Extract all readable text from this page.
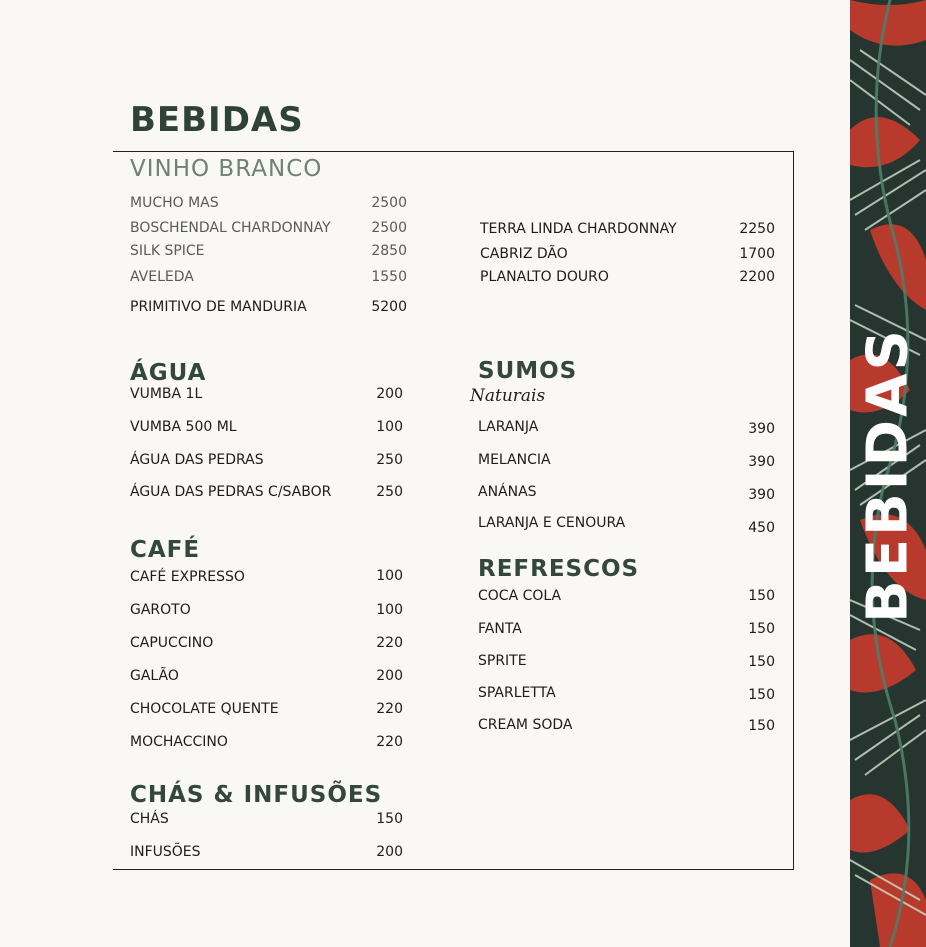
BEBIDAS
VINHO BRANCO
MUCHO MAS	2500
BOSCHENDAL CHARDONNAY	2500
SILK SPICE	2850
AVELEDA	1550
PRIMITIVO DE MANDURIA	5200
TERRA LINDA CHARDONNAY	2250
CABRIZ DÃO	1700
PLANALTO DOURO	2200
ÁGUA
VUMBA 1L	200
VUMBA 500 ML	100
ÁGUA DAS PEDRAS	250
ÁGUA DAS PEDRAS C/SABOR	250
CAFÉ
CAFÉ EXPRESSO	100
GAROTO	100
CAPUCCINO	220
GALÃO	200
CHOCOLATE QUENTE	220
MOCHACCINO	220
CHÁS & INFUSÕES
CHÁS	150
INFUSÕES	200
SUMOS
Naturais
LARANJA	390
MELANCIA	390
ANÁNAS	390
LARANJA E CENOURA	450
REFRESCOS
COCA COLA	150
FANTA	150
SPRITE	150
SPARLETTA	150
CREAM SODA	150
BEBIDAS
